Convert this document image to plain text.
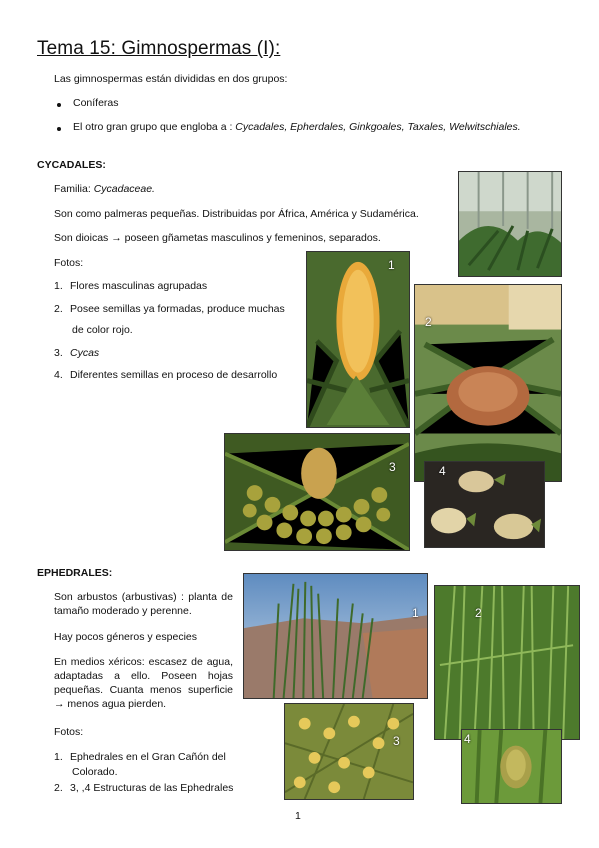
Tema 15: Gimnospermas (I):
Las gimnospermas están divididas en dos grupos:
Coníferas
El otro gran grupo que engloba a : Cycadales, Epherdales, Ginkgoales, Taxales, Welwitschiales.
CYCADALES:
Familia: Cycadaceae.
Son como palmeras pequeñas. Distribuidas por África, América y Sudamérica.
Son dioicas → poseen gñametas masculinos y femeninos, separados.
Fotos:
1. Flores masculinas agrupadas
2. Posee semillas ya formadas, produce muchas
de color rojo.
3. Cycas
4. Diferentes semillas en proceso de desarrollo
1
2
3	4
EPHEDRALES:
Son arbustos (arbustivas) : planta de tamaño moderado y perenne.
Hay pocos géneros y especies
En medios xéricos: escasez de agua, adaptadas a ello. Poseen hojas pequeñas. Cuanta menos superficie → menos agua pierden.
Fotos:
1. Ephedrales en el Gran Cañón del
Colorado.
2. 3, ,4 Estructuras de las Ephedrales
1	2
3	4
1
